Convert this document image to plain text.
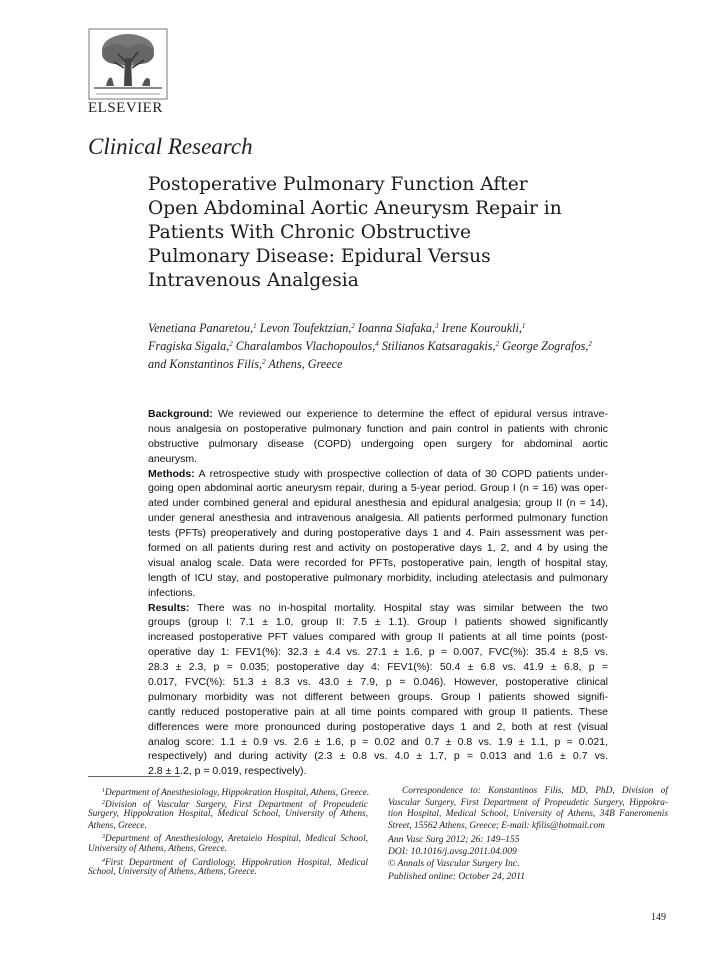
ELSEVIER
Clinical Research
Postoperative Pulmonary Function After
Open Abdominal Aortic Aneurysm Repair in
Patients With Chronic Obstructive
Pulmonary Disease: Epidural Versus
Intravenous Analgesia
Venetiana Panaretou,$^1$ Levon Toufektzian,$^2$ Ioanna Siafaka,$^3$ Irene Kouroukli,$^1$
Fragiska Sigala,$^2$ Charalambos Vlachopoulos,$^4$ Stilianos Katsaragakis,$^2$ George Zografos,$^2$
and Konstantinos Filis,$^2$ Athens, Greece
Background: We reviewed our experience to determine the effect of epidural versus intrave-
nous analgesia on postoperative pulmonary function and pain control in patients with chronic
obstructive pulmonary disease (COPD) undergoing open surgery for abdominal aortic
aneurysm.
Methods: A retrospective study with prospective collection of data of 30 COPD patients under-
going open abdominal aortic aneurysm repair, during a 5-year period. Group I (n = 16) was oper-
ated under combined general and epidural anesthesia and epidural analgesia; group II (n = 14),
under general anesthesia and intravenous analgesia. All patients performed pulmonary function
tests (PFTs) preoperatively and during postoperative days 1 and 4. Pain assessment was per-
formed on all patients during rest and activity on postoperative days 1, 2, and 4 by using the
visual analog scale. Data were recorded for PFTs, postoperative pain, length of hospital stay,
length of ICU stay, and postoperative pulmonary morbidity, including atelectasis and pulmonary
infections.
Results: There was no in-hospital mortality. Hospital stay was similar between the two
groups (group I: 7.1 ± 1.0, group II: 7.5 ± 1.1). Group I patients showed significantly
increased postoperative PFT values compared with group II patients at all time points (post-
operative day 1: FEV1(%): 32.3 ± 4.4 vs. 27.1 ± 1.6, p = 0.007, FVC(%): 35.4 ± 8,5 vs.
28.3 ± 2.3, p = 0.035; postoperative day 4: FEV1(%): 50.4 ± 6.8 vs. 41.9 ± 6.8, p =
0.017, FVC(%): 51.3 ± 8.3 vs. 43.0 ± 7.9, p = 0.046). However, postoperative clinical
pulmonary morbidity was not different between groups. Group I patients showed signifi-
cantly reduced postoperative pain at all time points compared with group II patients. These
differences were more pronounced during postoperative days 1 and 2, both at rest (visual
analog score: 1.1 ± 0.9 vs. 2.6 ± 1.6, p = 0.02 and 0.7 ± 0.8 vs. 1.9 ± 1.1, p = 0.021,
respectively) and during activity (2.3 ± 0.8 vs. 4.0 ± 1.7, p = 0.013 and 1.6 ± 0.7 vs.
2.8 ± 1.2, p = 0.019, respectively).
$^1$Department of Anesthesiology, Hippokration Hospital, Athens, Greece.
$^2$Division of Vascular Surgery, First Department of Propeudetic
Surgery, Hippokration Hospital, Medical School, University of Athens,
Athens, Greece.
$^3$Department of Anesthesiology, Aretaieio Hospital, Medical School,
University of Athens, Athens, Greece.
$^4$First Department of Cardiology, Hippokration Hospital, Medical
School, University of Athens, Athens, Greece.
Correspondence to: Konstantinos Filis, MD, PhD, Division of
Vascular Surgery, First Department of Propeudetic Surgery, Hippokra-
tion Hospital, Medical School, University of Athens, 34B Faneromenis
Street, 15562 Athens, Greece; E-mail: kfilis@hotmail.com
Ann Vasc Surg 2012; 26: 149–155
DOI: 10.1016/j.avsg.2011.04.009
© Annals of Vascular Surgery Inc.
Published online: October 24, 2011
149
